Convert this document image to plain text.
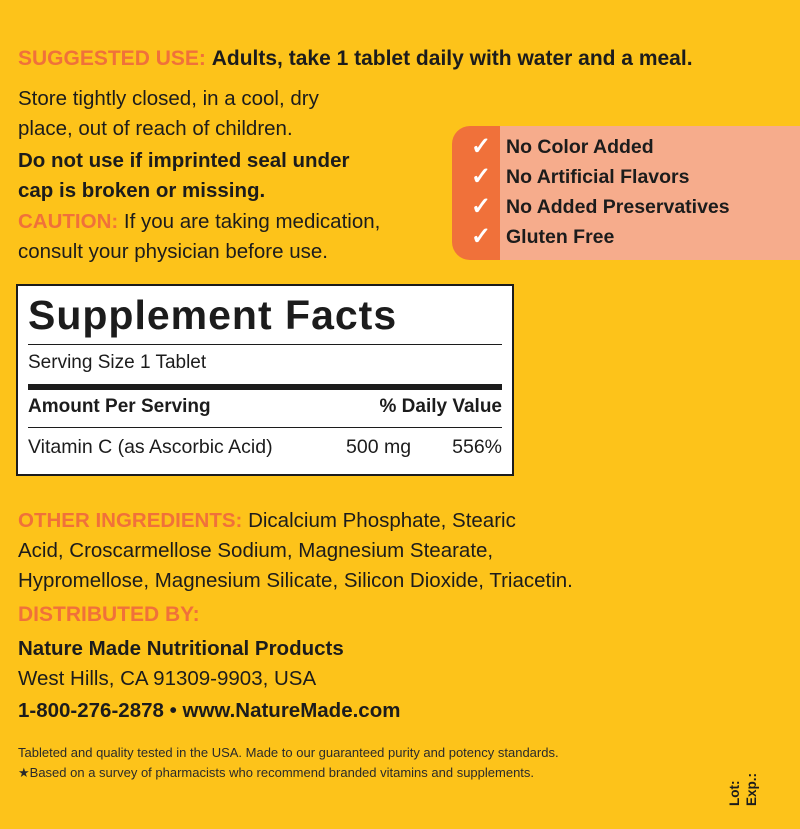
SUGGESTED USE: Adults, take 1 tablet daily with water and a meal.
Store tightly closed, in a cool, dry
place, out of reach of children.
Do not use if imprinted seal under
cap is broken or missing.
CAUTION: If you are taking medication,
consult your physician before use.
✓ No Color Added
✓ No Artificial Flavors
✓ No Added Preservatives
✓ Gluten Free
Supplement Facts
Serving Size 1 Tablet
Amount Per Serving	% Daily Value
Vitamin C (as Ascorbic Acid)	500 mg 556%
OTHER INGREDIENTS: Dicalcium Phosphate, Stearic
Acid, Croscarmellose Sodium, Magnesium Stearate,
Hypromellose, Magnesium Silicate, Silicon Dioxide, Triacetin.
DISTRIBUTED BY:
Nature Made Nutritional Products
West Hills, CA 91309-9903, USA
1-800-276-2878 • www.NatureMade.com
Tableted and quality tested in the USA. Made to our guaranteed purity and potency standards.
★Based on a survey of pharmacists who recommend branded vitamins and supplements.
Lot: Exp.:
